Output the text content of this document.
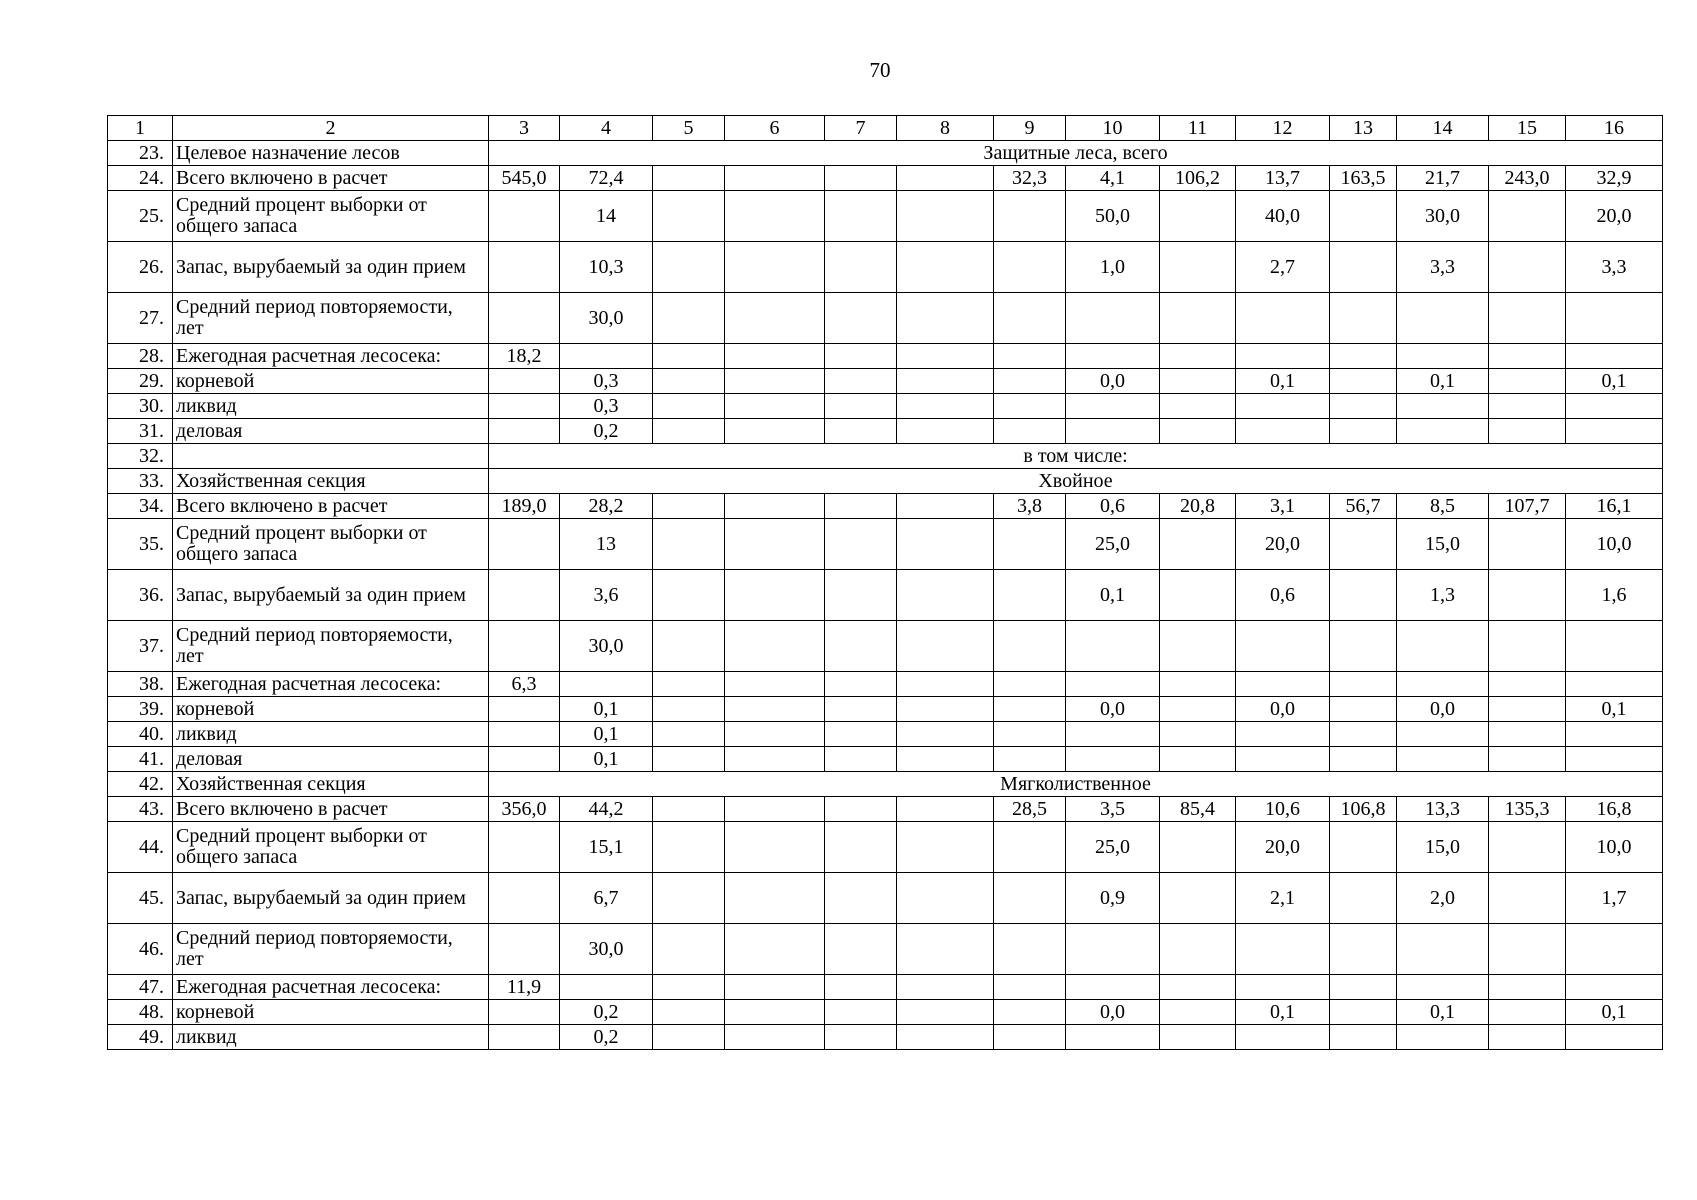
70
1	2	3	4	5	6	7	8	9	10	11	12	13	14	15	16
23.	Целевое назначение лесов	Защитные леса, всего													
24.	Всего включено в расчет	545,0	72,4					32,3	4,1	106,2	13,7	163,5	21,7	243,0	32,9
25.	Средний процент выборки от общего запаса		14						50,0		40,0		30,0		20,0
26.	Запас, вырубаемый за один прием		10,3						1,0		2,7		3,3		3,3
27.	Средний период повторяемости, лет		30,0												
28.	Ежегодная расчетная лесосека:	18,2													
29.	корневой		0,3						0,0		0,1		0,1		0,1
30.	ликвид		0,3												
31.	деловая		0,2												
32.		в том числе:													
33.	Хозяйственная секция	Хвойное													
34.	Всего включено в расчет	189,0	28,2					3,8	0,6	20,8	3,1	56,7	8,5	107,7	16,1
35.	Средний процент выборки от общего запаса		13						25,0		20,0		15,0		10,0
36.	Запас, вырубаемый за один прием		3,6						0,1		0,6		1,3		1,6
37.	Средний период повторяемости, лет		30,0												
38.	Ежегодная расчетная лесосека:	6,3													
39.	корневой		0,1						0,0		0,0		0,0		0,1
40.	ликвид		0,1												
41.	деловая		0,1												
42.	Хозяйственная секция	Мягколиственное													
43.	Всего включено в расчет	356,0	44,2					28,5	3,5	85,4	10,6	106,8	13,3	135,3	16,8
44.	Средний процент выборки от общего запаса		15,1						25,0		20,0		15,0		10,0
45.	Запас, вырубаемый за один прием		6,7						0,9		2,1		2,0		1,7
46.	Средний период повторяемости, лет		30,0												
47.	Ежегодная расчетная лесосека:	11,9													
48.	корневой		0,2						0,0		0,1		0,1		0,1
49.	ликвид		0,2												
